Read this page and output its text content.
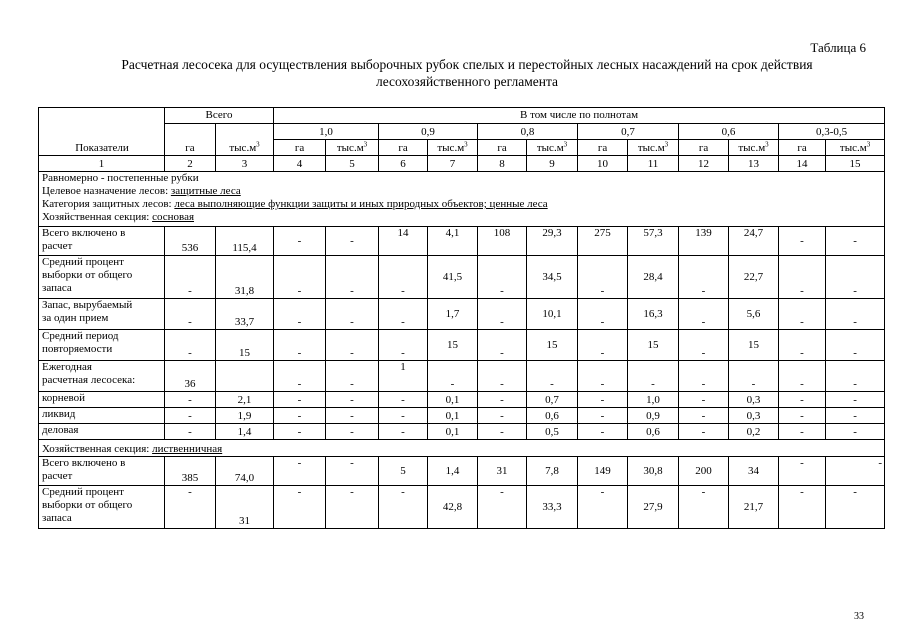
Таблица 6
Расчетная лесосека для осуществления выборочных рубок спелых и перестойных лесных насаждений на срок действия
лесохозяйственного регламента
Показатели	Всего		В том числе по полнотам											
	га	$тыс.м^3$	1,0		0,9		0,8		0,7		0,6		0,3-0,5	
			га	$тыс.м^3$	га	$тыс.м^3$	га	$тыс.м^3$	га	$тыс.м^3$	га	$тыс.м^3$	га	$тыс.м^3$
1	2	3	4	5	6	7	8	9	10	11	12	13	14	15

Равномерно - постепенные рубки
Целевое назначение лесов: защитные леса
Категория защитных лесов: леса выполняющие функции защиты и иных природных объектов; ценные леса
Хозяйственная секция: сосновая														

Всего включено в
расчет	536	115,4	-	-	14	4,1	108	29,3	275	57,3	139	24,7	-	-

Средний процент
выборки от общего
запаса	-	31,8	-	-	-	41,5	-	34,5	-	28,4	-	22,7	-	-

Запас, вырубаемый
за один прием	-	33,7	-	-	-	1,7	-	10,1	-	16,3	-	5,6	-	-

Средний период
повторяемости	-	15	-	-	-	15	-	15	-	15	-	15	-	-

Ежегодная
расчетная лесосека:	36		-	-	1	-	-	-	-	-	-	-	-	-
корневой	-	2,1	-	-	-	0,1	-	0,7	-	1,0	-	0,3	-	-
ликвид	-	1,9	-	-	-	0,1	-	0,6	-	0,9	-	0,3	-	-
деловая	-	1,4	-	-	-	0,1	-	0,5	-	0,6	-	0,2	-	-
Хозяйственная секция: лиственничная														

Всего включено в
расчет	385	74,0	-	-	5	1,4	31	7,8	149	30,8	200	34	-	-

Средний процент
выборки от общего
запаса	-	31	-	-	-	42,8	-	33,3	-	27,9	-	21,7	-	-
33
